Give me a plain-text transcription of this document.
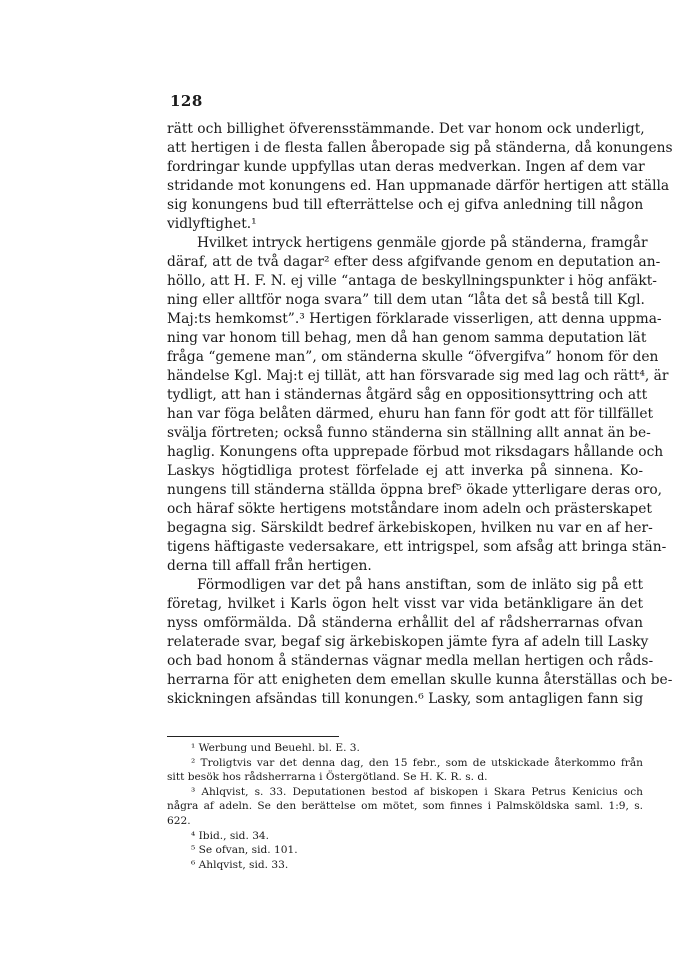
128

rätt och billighet öfverensstämmande. Det var honom ock underligt,
att hertigen i de flesta fallen åberopade sig på ständerna, då konungens
fordringar kunde uppfyllas utan deras medverkan. Ingen af dem var
stridande mot konungens ed. Han uppmanade därför hertigen att ställa
sig konungens bud till efterrättelse och ej gifva anledning till någon
vidlyftighet.¹

Hvilket intryck hertigens genmäle gjorde på ständerna, framgår
däraf, att de två dagar² efter dess afgifvande genom en deputation an-
höllo, att H. F. N. ej ville “antaga de beskyllningspunkter i hög anfäkt-
ning eller alltför noga svara” till dem utan “låta det så bestå till Kgl.
Maj:ts hemkomst”.³ Hertigen förklarade visserligen, att denna uppma-
ning var honom till behag, men då han genom samma deputation lät
fråga “gemene man”, om ständerna skulle “öfvergifva” honom för den
händelse Kgl. Maj:t ej tillät, att han försvarade sig med lag och rätt⁴, är
tydligt, att han i ständernas åtgärd såg en oppositionsyttring och att
han var föga belåten därmed, ehuru han fann för godt att för tillfället
svälja förtreten; också funno ständerna sin ställning allt annat än be-
haglig. Konungens ofta upprepade förbud mot riksdagars hållande och
Laskys högtidliga protest förfelade ej att inverka på sinnena. Ko-
nungens till ständerna ställda öppna bref⁵ ökade ytterligare deras oro,
och häraf sökte hertigens motståndare inom adeln och prästerskapet
begagna sig. Särskildt bedref ärkebiskopen, hvilken nu var en af her-
tigens häftigaste vedersakare, ett intrigspel, som afsåg att bringa stän-
derna till affall från hertigen.

Förmodligen var det på hans anstiftan, som de inläto sig på ett
företag, hvilket i Karls ögon helt visst var vida betänkligare än det
nyss omförmälda. Då ständerna erhållit del af rådsherrarnas ofvan
relaterade svar, begaf sig ärkebiskopen jämte fyra af adeln till Lasky
och bad honom å ständernas vägnar medla mellan hertigen och råds-
herrarna för att enigheten dem emellan skulle kunna återställas och be-
skickningen afsändas till konungen.⁶ Lasky, som antagligen fann sig

¹ Werbung und Beuehl. bl. E. 3.
² Troligtvis var det denna dag, den 15 febr., som de utskickade återkommo från
sitt besök hos rådsherrarna i Östergötland. Se H. K. R. s. d.
³ Ahlqvist, s. 33. Deputationen bestod af biskopen i Skara Petrus Kenicius och
några af adeln. Se den berättelse om mötet, som finnes i Palmsköldska saml. 1:9, s.
622.
⁴ Ibid., sid. 34.
⁵ Se ofvan, sid. 101.
⁶ Ahlqvist, sid. 33.
